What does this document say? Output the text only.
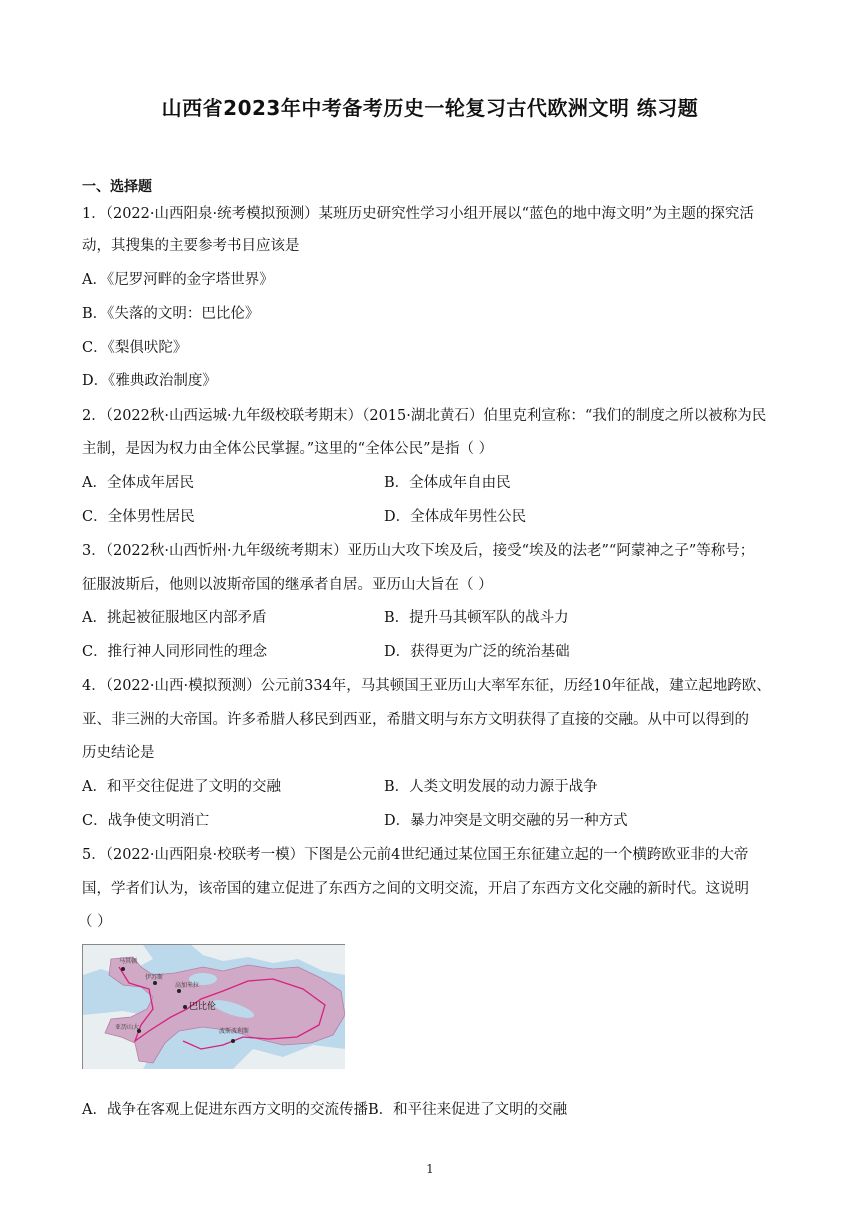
山西省2023年中考备考历史一轮复习古代欧洲文明 练习题
一、选择题
1．（2022·山西阳泉·统考模拟预测）某班历史研究性学习小组开展以“蓝色的地中海文明”为主题的探究活
动，其搜集的主要参考书目应该是
A．《尼罗河畔的金字塔世界》
B．《失落的文明：巴比伦》
C．《梨俱吠陀》
D．《雅典政治制度》
2．（2022秋·山西运城·九年级校联考期末）（2015·湖北黄石）伯里克利宣称：“我们的制度之所以被称为民
主制，是因为权力由全体公民掌握。”这里的“全体公民”是指（ ）
A．全体成年居民	B．全体成年自由民
C．全体男性居民	D．全体成年男性公民
3．（2022秋·山西忻州·九年级统考期末）亚历山大攻下埃及后，接受“埃及的法老”“阿蒙神之子”等称号；
征服波斯后，他则以波斯帝国的继承者自居。亚历山大旨在（ ）
A．挑起被征服地区内部矛盾	B．提升马其顿军队的战斗力
C．推行神人同形同性的理念	D．获得更为广泛的统治基础
4．（2022·山西·模拟预测）公元前334年，马其顿国王亚历山大率军东征，历经10年征战，建立起地跨欧、
亚、非三洲的大帝国。许多希腊人移民到西亚，希腊文明与东方文明获得了直接的交融。从中可以得到的
历史结论是
A．和平交往促进了文明的交融	B．人类文明发展的动力源于战争
C．战争使文明消亡	D．暴力冲突是文明交融的另一种方式
5．（2022·山西阳泉·校联考一模）下图是公元前4世纪通过某位国王东征建立起的一个横跨欧亚非的大帝
国，学者们认为，该帝国的建立促进了东西方之间的文明交流，开启了东西方文化交融的新时代。这说明
（ ）
马其顿
伊苏斯
高加米拉
巴比伦
波斯波利斯
亚历山大
A．战争在客观上促进东西方文明的交流传播B．和平往来促进了文明的交融
1
